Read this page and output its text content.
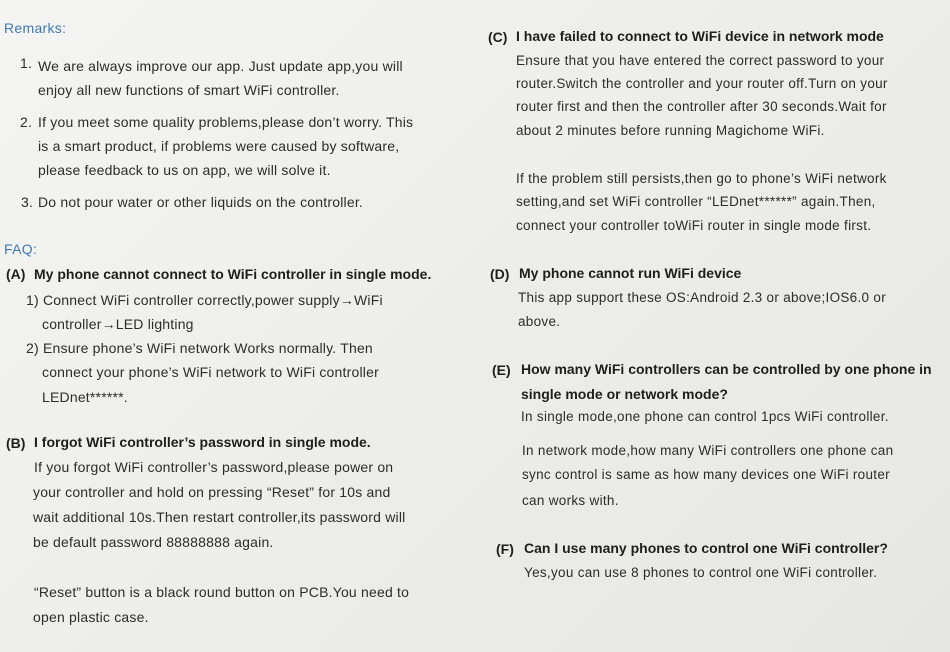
Remarks:
1. We are always improve our app. Just update app,you will
enjoy all new functions of smart WiFi controller.
2. If you meet some quality problems,please don’t worry. This
is a smart product, if problems were caused by software,
please feedback to us on app, we will solve it.
3. Do not pour water or other liquids on the controller.
FAQ:
(A) My phone cannot connect to WiFi controller in single mode.
1) Connect WiFi controller correctly,power supply→WiFi
controller→LED lighting
2) Ensure phone’s WiFi network Works normally. Then
connect your phone’s WiFi network to WiFi controller
LEDnet******.
(B) I forgot WiFi controller’s password in single mode.
If you forgot WiFi controller’s password,please power on
your controller and hold on pressing “Reset” for 10s and
wait additional 10s.Then restart controller,its password will
be default password 88888888 again.
“Reset” button is a black round button on PCB.You need to
open plastic case.
(C) I have failed to connect to WiFi device in network mode
Ensure that you have entered the correct password to your
router.Switch the controller and your router off.Turn on your
router first and then the controller after 30 seconds.Wait for
about 2 minutes before running Magichome WiFi.
If the problem still persists,then go to phone’s WiFi network
setting,and set WiFi controller “LEDnet******” again.Then,
connect your controller toWiFi router in single mode first.
(D) My phone cannot run WiFi device
This app support these OS:Android 2.3 or above;IOS6.0 or
above.
(E) How many WiFi controllers can be controlled by one phone in
single mode or network mode?
In single mode,one phone can control 1pcs WiFi controller.
In network mode,how many WiFi controllers one phone can
sync control is same as how many devices one WiFi router
can works with.
(F) Can I use many phones to control one WiFi controller?
Yes,you can use 8 phones to control one WiFi controller.
